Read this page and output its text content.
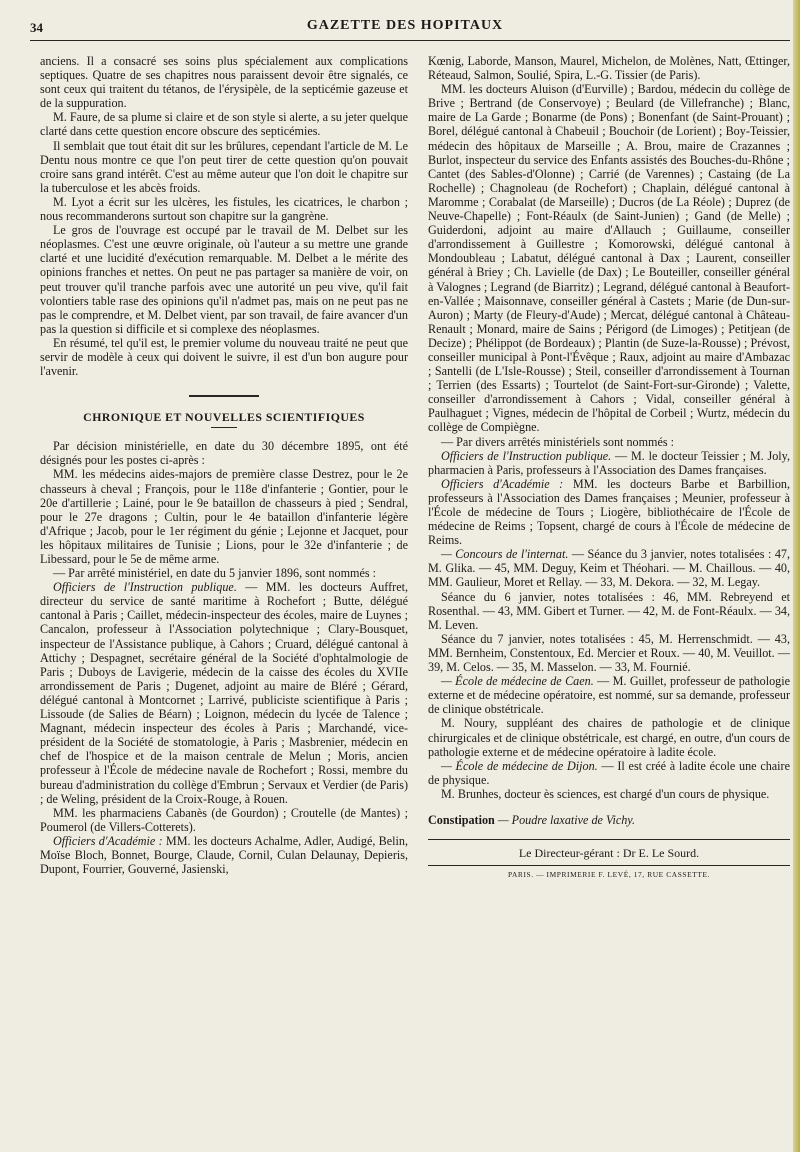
34	GAZETTE DES HOPITAUX

anciens. Il a consacré ses soins plus spécialement aux complications septiques. Quatre de ses chapitres nous paraissent devoir être signalés, ce sont ceux qui traitent du tétanos, de l'érysipèle, de la septicémie gazeuse et de la suppuration.

M. Faure, de sa plume si claire et de son style si alerte, a su jeter quelque clarté dans cette question encore obscure des septicémies.

Il semblait que tout était dit sur les brûlures, cependant l'article de M. Le Dentu nous montre ce que l'on peut tirer de cette question qu'on pouvait croire sans grand intérêt. C'est au même auteur que l'on doit le chapitre sur la tuberculose et les abcès froids.

M. Lyot a écrit sur les ulcères, les fistules, les cicatrices, le charbon ; nous recommanderons surtout son chapitre sur la gangrène.

Le gros de l'ouvrage est occupé par le travail de M. Delbet sur les néoplasmes. C'est une œuvre originale, où l'auteur a su mettre une grande clarté et une lucidité d'exécution remarquable. M. Delbet a le mérite des opinions franches et nettes. On peut ne pas partager sa manière de voir, on peut trouver qu'il tranche parfois avec une autorité un peu vive, qu'il fait volontiers table rase des opinions qu'il n'admet pas, mais on ne peut pas ne pas le comprendre, et M. Delbet vient, par son travail, de faire avancer d'un pas la question si difficile et si complexe des néoplasmes.

En résumé, tel qu'il est, le premier volume du nouveau traité ne peut que servir de modèle à ceux qui doivent le suivre, il est d'un bon augure pour l'avenir.

CHRONIQUE ET NOUVELLES SCIENTIFIQUES

Par décision ministérielle, en date du 30 décembre 1895, ont été désignés pour les postes ci-après :

MM. les médecins aides-majors de première classe Destrez, pour le 2e chasseurs à cheval ; François, pour le 118e d'infanterie ; Gontier, pour le 20e d'artillerie ; Lainé, pour le 9e bataillon de chasseurs à pied ; Sendral, pour le 27e dragons ; Cultin, pour le 4e bataillon d'infanterie légère d'Afrique ; Jacob, pour le 1er régiment du génie ; Lejonne et Jacquet, pour les hôpitaux militaires de Tunisie ; Lions, pour le 32e d'infanterie ; de Libessard, pour le 5e de même arme.

— Par arrêté ministériel, en date du 5 janvier 1896, sont nommés :

Officiers de l'Instruction publique. — MM. les docteurs Auffret, directeur du service de santé maritime à Rochefort ; Butte, délégué cantonal à Paris ; Caillet, médecin-inspecteur des écoles, maire de Luynes ; Cancalon, professeur à l'Association polytechnique ; Clary-Bousquet, inspecteur de l'Assistance publique, à Cahors ; Cruard, délégué cantonal à Attichy ; Despagnet, secrétaire général de la Société d'ophtalmologie de Paris ; Duboys de Lavigerie, médecin de la caisse des écoles du XVIIe arrondissement de Paris ; Dugenet, adjoint au maire de Bléré ; Gérard, délégué cantonal à Montcornet ; Larrivé, publiciste scientifique à Paris ; Lissoude (de Salies de Béarn) ; Loignon, médecin du lycée de Talence ; Magnant, médecin inspecteur des écoles à Paris ; Marchandé, vice-président de la Société de stomatologie, à Paris ; Masbrenier, médecin en chef de l'hospice et de la maison centrale de Melun ; Moris, ancien professeur à l'École de médecine navale de Rochefort ; Rossi, membre du bureau d'administration du collège d'Embrun ; Servaux et Verdier (de Paris) ; de Weling, président de la Croix-Rouge, à Rouen.

MM. les pharmaciens Cabanès (de Gourdon) ; Croutelle (de Mantes) ; Poumerol (de Villers-Cotterets).

Officiers d'Académie : MM. les docteurs Achalme, Adler, Audigé, Belin, Moïse Bloch, Bonnet, Bourge, Claude, Cornil, Culan Delaunay, Depieris, Dupont, Fourrier, Gouverné, Jasienski,

Kœnig, Laborde, Manson, Maurel, Michelon, de Molènes, Natt, Œttinger, Réteaud, Salmon, Soulié, Spira, L.-G. Tissier (de Paris).

MM. les docteurs Aluison (d'Eurville) ; Bardou, médecin du collège de Brive ; Bertrand (de Conservoye) ; Beulard (de Villefranche) ; Blanc, maire de La Garde ; Bonarme (de Pons) ; Bonenfant (de Saint-Prouant) ; Borel, délégué cantonal à Chabeuil ; Bouchoir (de Lorient) ; Boy-Teissier, médecin des hôpitaux de Marseille ; A. Brou, maire de Crazannes ; Burlot, inspecteur du service des Enfants assistés des Bouches-du-Rhône ; Cantet (des Sables-d'Olonne) ; Carrié (de Varennes) ; Castaing (de La Rochelle) ; Chagnoleau (de Rochefort) ; Chaplain, délégué cantonal à Maromme ; Corabalat (de Marseille) ; Ducros (de La Réole) ; Duprez (de Neuve-Chapelle) ; Font-Réaulx (de Saint-Junien) ; Gand (de Melle) ; Guiderdoni, adjoint au maire d'Allauch ; Guillaume, conseiller d'arrondissement à Guillestre ; Komorowski, délégué cantonal à Mondoubleau ; Labatut, délégué cantonal à Dax ; Laurent, conseiller général à Briey ; Ch. Lavielle (de Dax) ; Le Bouteiller, conseiller général à Valognes ; Legrand (de Biarritz) ; Legrand, délégué cantonal à Beaufort-en-Vallée ; Maisonnave, conseiller général à Castets ; Marie (de Dun-sur-Auron) ; Marty (de Fleury-d'Aude) ; Mercat, délégué cantonal à Château-Renault ; Monard, maire de Sains ; Périgord (de Limoges) ; Petitjean (de Decize) ; Phélippot (de Bordeaux) ; Plantin (de Suze-la-Rousse) ; Prévost, conseiller municipal à Pont-l'Évêque ; Raux, adjoint au maire d'Ambazac ; Santelli (de L'Isle-Rousse) ; Steil, conseiller d'arrondissement à Tournan ; Terrien (des Essarts) ; Tourtelot (de Saint-Fort-sur-Gironde) ; Valette, conseiller d'arrondissement à Cahors ; Vidal, conseiller général à Paulhaguet ; Vignes, médecin de l'hôpital de Corbeil ; Wurtz, médecin du collège de Compiègne.

— Par divers arrêtés ministériels sont nommés :

Officiers de l'Instruction publique. — M. le docteur Teissier ; M. Joly, pharmacien à Paris, professeurs à l'Association des Dames françaises.

Officiers d'Académie : MM. les docteurs Barbe et Barbillion, professeurs à l'Association des Dames françaises ; Meunier, professeur à l'École de médecine de Tours ; Liogère, bibliothécaire de l'École de médecine de Reims ; Topsent, chargé de cours à l'École de médecine de Reims.

— Concours de l'internat. — Séance du 3 janvier, notes totalisées : 47, M. Glika. — 45, MM. Deguy, Keim et Théohari. — M. Chaillous. — 40, MM. Gaulieur, Moret et Rellay. — 33, M. Dekora. — 32, M. Legay.

Séance du 6 janvier, notes totalisées : 46, MM. Rebreyend et Rosenthal. — 43, MM. Gibert et Turner. — 42, M. de Font-Réaulx. — 34, M. Leven.

Séance du 7 janvier, notes totalisées : 45, M. Herrenschmidt. — 43, MM. Bernheim, Constentoux, Ed. Mercier et Roux. — 40, M. Veuillot. — 39, M. Celos. — 35, M. Masselon. — 33, M. Fournié.

— École de médecine de Caen. — M. Guillet, professeur de pathologie externe et de médecine opératoire, est nommé, sur sa demande, professeur de clinique obstétricale.

M. Noury, suppléant des chaires de pathologie et de clinique chirurgicales et de clinique obstétricale, est chargé, en outre, d'un cours de pathologie externe et de médecine opératoire à ladite école.

— École de médecine de Dijon. — Il est créé à ladite école une chaire de physique.

M. Brunhes, docteur ès sciences, est chargé d'un cours de physique.

Constipation — Poudre laxative de Vichy.

Le Directeur-gérant : Dr E. Le Sourd.
PARIS. — IMPRIMERIE F. LEVÉ, 17, RUE CASSETTE.
